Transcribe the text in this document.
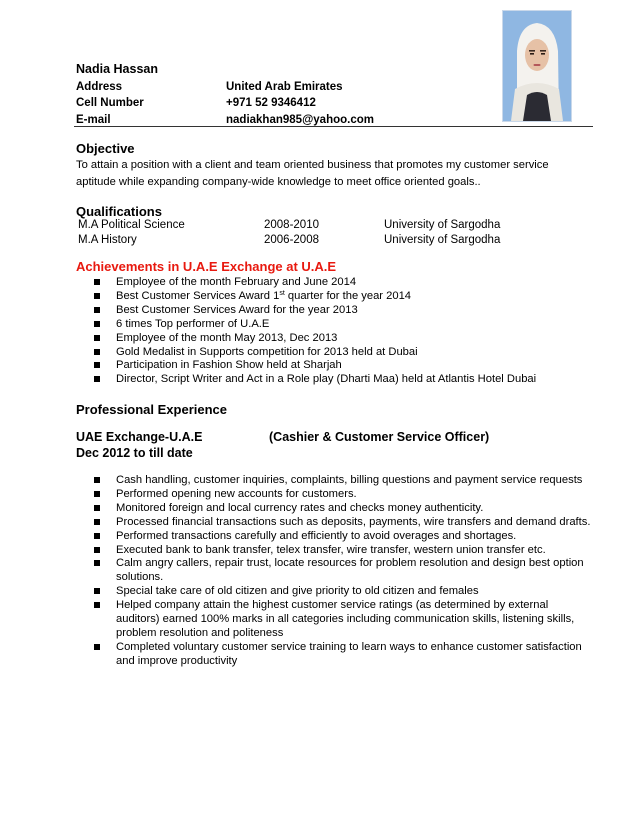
Nadia Hassan
Address	United Arab Emirates
Cell Number	+971 52 9346412
E-mail	nadiakhan985@yahoo.com
Objective
To attain a position with a client and team oriented business that promotes my customer service aptitude while expanding company-wide knowledge to meet office oriented goals..
Qualifications
M.A Political Science	2008-2010	University of Sargodha
M.A History	2006-2008	University of Sargodha
Achievements in U.A.E Exchange at U.A.E
Employee of the month February and June 2014
Best Customer Services Award 1st quarter for the year 2014
Best Customer Services Award for the year 2013
6 times Top performer of U.A.E
Employee of the month May 2013, Dec 2013
Gold Medalist in Supports competition for 2013 held at Dubai
Participation in Fashion Show held at Sharjah
Director, Script Writer and Act in a Role play (Dharti Maa) held at Atlantis Hotel Dubai
Professional Experience
UAE Exchange-U.A.E	(Cashier & Customer Service Officer)
Dec 2012 to till date
Cash handling, customer inquiries, complaints, billing questions and payment service requests
Performed opening new accounts for customers.
Monitored foreign and local currency rates and checks money authenticity.
Processed financial transactions such as deposits, payments, wire transfers and demand drafts.
Performed transactions carefully and efficiently to avoid overages and shortages.
Executed bank to bank transfer, telex transfer, wire transfer, western union transfer etc.
Calm angry callers, repair trust, locate resources for problem resolution and design best option solutions.
Special take care of old citizen and give priority to old citizen and females
Helped company attain the highest customer service ratings (as determined by external auditors) earned 100% marks in all categories including communication skills, listening skills, problem resolution and politeness
Completed voluntary customer service training to learn ways to enhance customer satisfaction and improve productivity
